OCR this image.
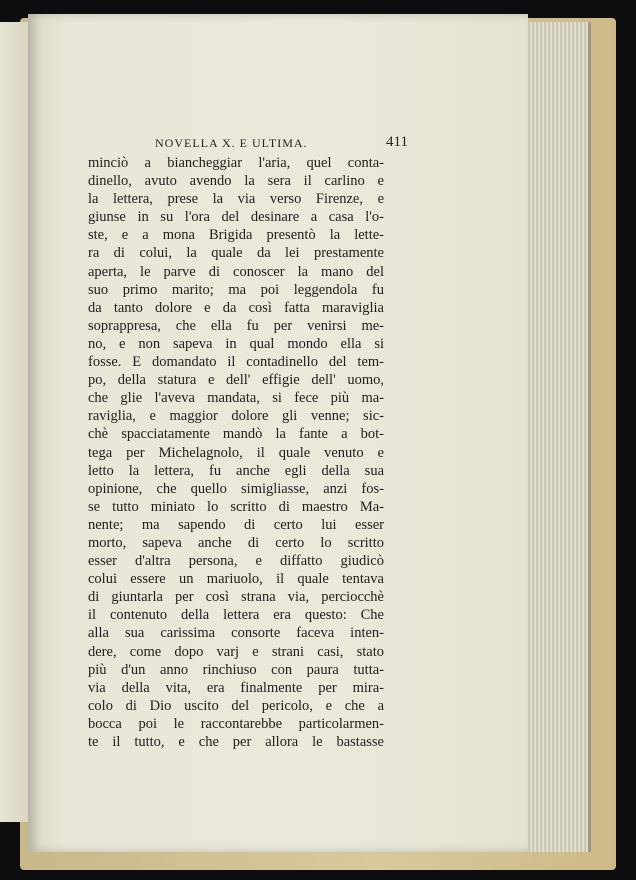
NOVELLA X. E ULTIMA.	411
minciò a biancheggiar l'aria, quel conta-
dinello, avuto avendo la sera il carlino e
la lettera, prese la via verso Firenze, e
giunse in su l'ora del desinare a casa l'o-
ste, e a mona Brigida presentò la lette-
ra di colui, la quale da lei prestamente
aperta, le parve di conoscer la mano del
suo primo marito; ma poi leggendola fu
da tanto dolore e da così fatta maraviglia
soprappresa, che ella fu per venirsi me-
no, e non sapeva in qual mondo ella si
fosse. E domandato il contadinello del tem-
po, della statura e dell' effigie dell' uomo,
che glie l'aveva mandata, si fece più ma-
raviglia, e maggior dolore gli venne; sic-
chè spacciatamente mandò la fante a bot-
tega per Michelagnolo, il quale venuto e
letto la lettera, fu anche egli della sua
opinione, che quello simigliasse, anzi fos-
se tutto miniato lo scritto di maestro Ma-
nente; ma sapendo di certo lui esser
morto, sapeva anche di certo lo scritto
esser d'altra persona, e diffatto giudicò
colui essere un mariuolo, il quale tentava
di giuntarla per così strana via, perciocchè
il contenuto della lettera era questo: Che
alla sua carissima consorte faceva inten-
dere, come dopo varj e strani casi, stato
più d'un anno rinchiuso con paura tutta-
via della vita, era finalmente per mira-
colo di Dio uscito del pericolo, e che a
bocca poi le raccontarebbe particolarmen-
te il tutto, e che per allora le bastasse
